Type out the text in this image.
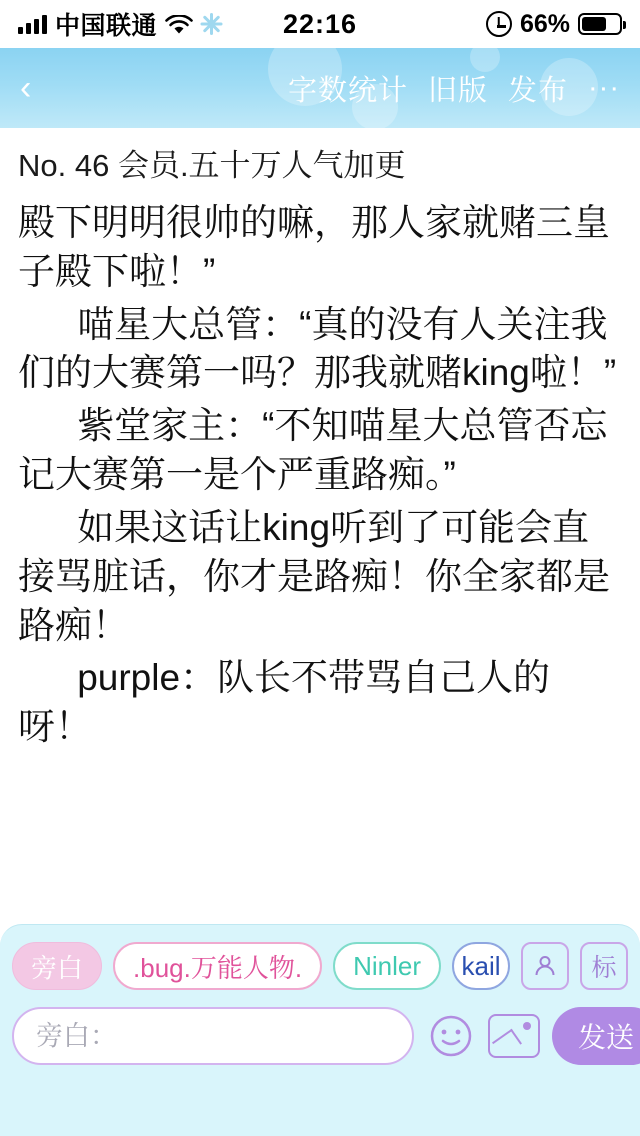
中国联通	22:16	66%
‹	字数统计 旧版 发布 ···
No. 46 会员.五十万人气加更
殿下明明很帅的嘛，那人家就赌三皇子殿下啦！”
喵星大总管：“真的没有人关注我们的大赛第一吗？那我就赌king啦！”
紫堂家主：“不知喵星大总管否忘记大赛第一是个严重路痴。”
如果这话让king听到了可能会直接骂脏话，你才是路痴！你全家都是路痴！
purple：队长不带骂自己人的呀！
旁白	.bug.万能人物.	Ninler	kail	标
旁白：
发送
